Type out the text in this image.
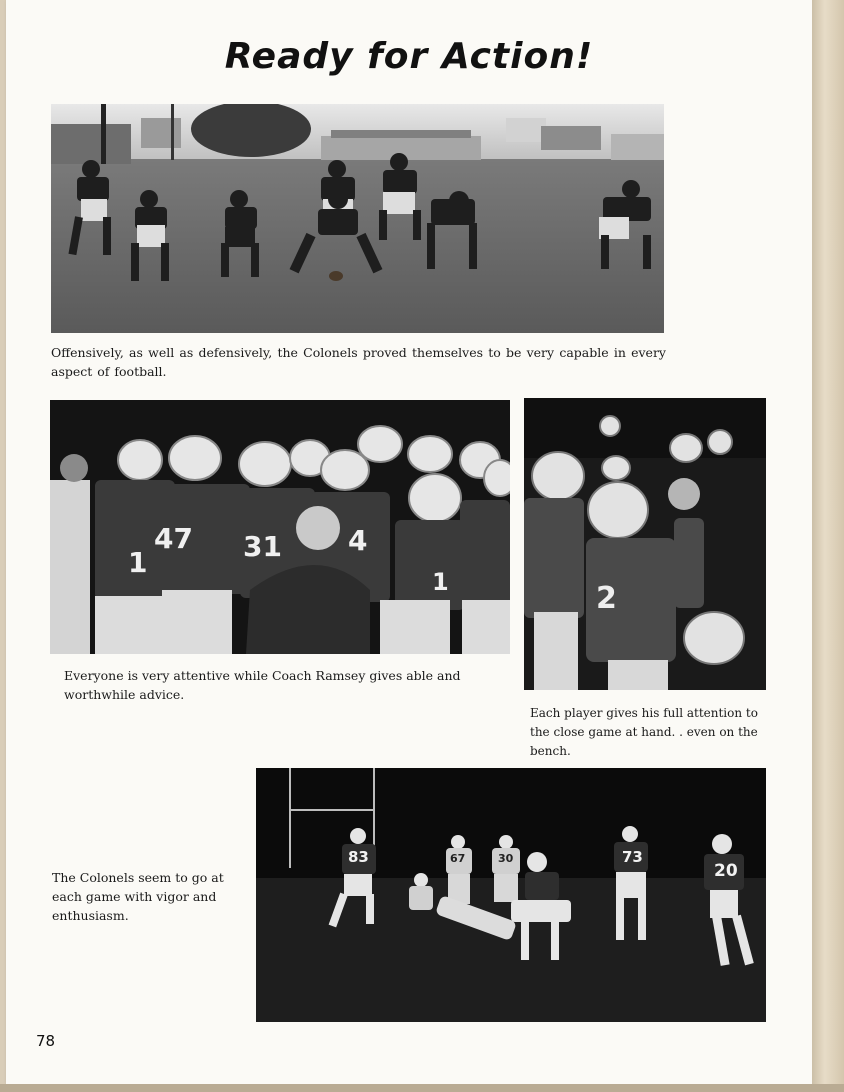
Ready for Action!
Offensively, as well as defensively, the Colonels proved themselves to be very capable in every aspect of football.
47
1	31 4
1
Everyone is very attentive while Coach Ramsey gives able and worthwhile advice.
2
Each player gives his full attention to the close game at hand. . even on the bench.
The Colonels seem to go at each game with vigor and enthusiasm.
83	67	30	73
20
78
